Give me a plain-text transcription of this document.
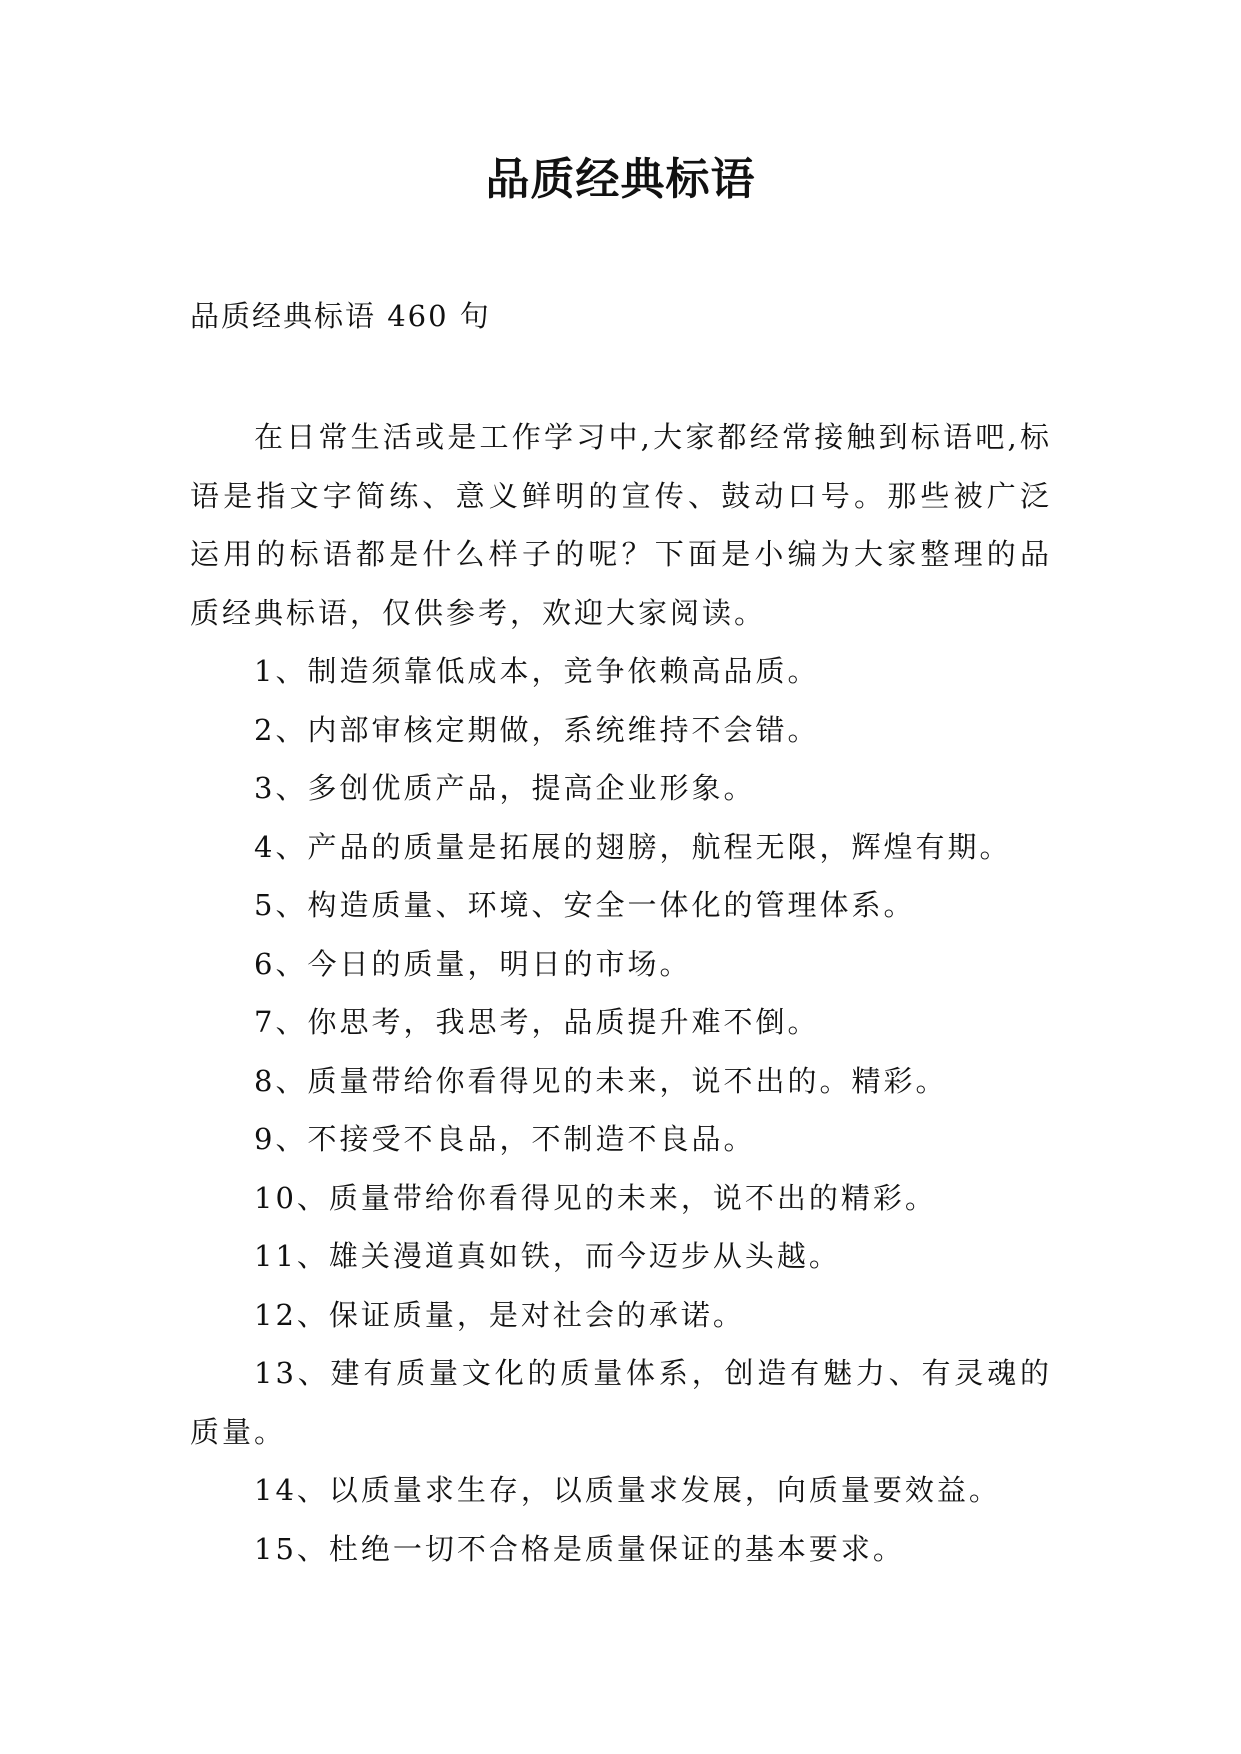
品质经典标语

品质经典标语 460 句

在日常生活或是工作学习中,大家都经常接触到标语吧,标语是指文字简练、意义鲜明的宣传、鼓动口号。那些被广泛运用的标语都是什么样子的呢？下面是小编为大家整理的品质经典标语，仅供参考，欢迎大家阅读。

1、制造须靠低成本，竞争依赖高品质。

2、内部审核定期做，系统维持不会错。

3、多创优质产品，提高企业形象。

4、产品的质量是拓展的翅膀，航程无限，辉煌有期。

5、构造质量、环境、安全一体化的管理体系。

6、今日的质量，明日的市场。

7、你思考，我思考，品质提升难不倒。

8、质量带给你看得见的未来，说不出的。精彩。

9、不接受不良品，不制造不良品。

10、质量带给你看得见的未来，说不出的精彩。

11、雄关漫道真如铁，而今迈步从头越。

12、保证质量，是对社会的承诺。

13、建有质量文化的质量体系，创造有魅力、有灵魂的质量。

14、以质量求生存，以质量求发展，向质量要效益。

15、杜绝一切不合格是质量保证的基本要求。
